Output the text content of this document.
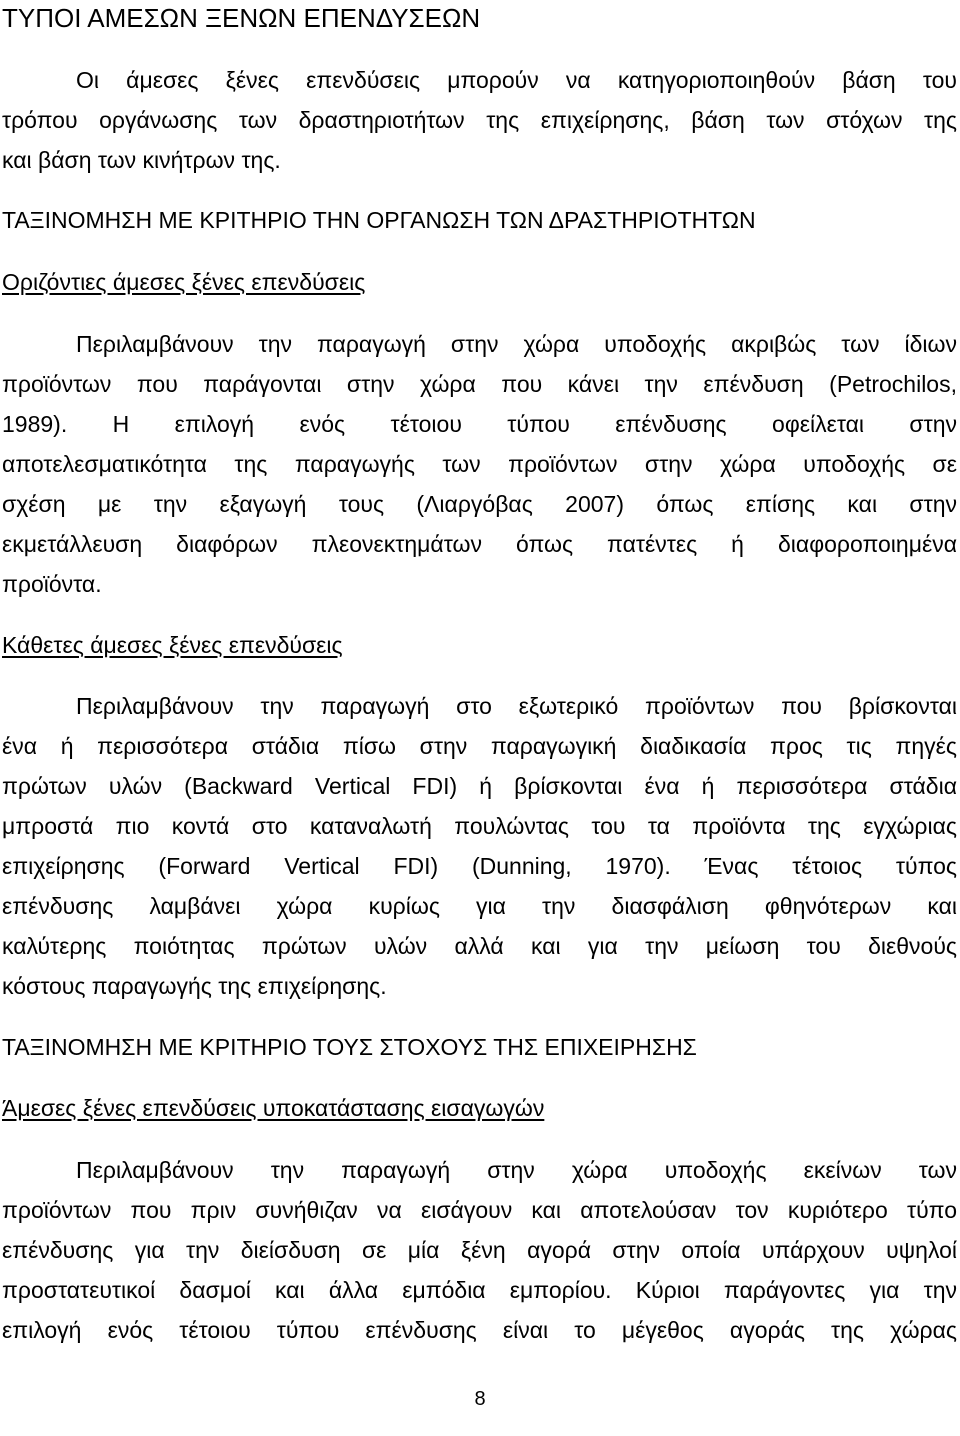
ΤΥΠΟΙ ΑΜΕΣΩΝ ΞΕΝΩΝ ΕΠΕΝΔΥΣΕΩΝ
Οι άμεσες ξένες επενδύσεις μπορούν να κατηγοριοποιηθούν βάση του
τρόπου οργάνωσης των δραστηριοτήτων της επιχείρησης, βάση των στόχων της
και βάση των κινήτρων της.
ΤΑΞΙΝΟΜΗΣΗ ΜΕ ΚΡΙΤΗΡΙΟ ΤΗΝ ΟΡΓΑΝΩΣΗ ΤΩΝ ΔΡΑΣΤΗΡΙΟΤΗΤΩΝ
Οριζόντιες άμεσες ξένες επενδύσεις
Περιλαμβάνουν την παραγωγή στην χώρα υποδοχής ακριβώς των ίδιων
προϊόντων που παράγονται στην χώρα που κάνει την επένδυση (Petrochilos,
1989). Η επιλογή ενός τέτοιου τύπου επένδυσης οφείλεται στην
αποτελεσματικότητα της παραγωγής των προϊόντων στην χώρα υποδοχής σε
σχέση με την εξαγωγή τους (Λιαργόβας 2007) όπως επίσης και στην
εκμετάλλευση διαφόρων πλεονεκτημάτων όπως πατέντες ή διαφοροποιημένα
προϊόντα.
Κάθετες άμεσες ξένες επενδύσεις
Περιλαμβάνουν την παραγωγή στο εξωτερικό προϊόντων που βρίσκονται
ένα ή περισσότερα στάδια πίσω στην παραγωγική διαδικασία προς τις πηγές
πρώτων υλών (Backward Vertical FDI) ή βρίσκονται ένα ή περισσότερα στάδια
μπροστά πιο κοντά στο καταναλωτή πουλώντας του τα προϊόντα της εγχώριας
επιχείρησης (Forward Vertical FDI) (Dunning, 1970). Ένας τέτοιος τύπος
επένδυσης λαμβάνει χώρα κυρίως για την διασφάλιση φθηνότερων και
καλύτερης ποιότητας πρώτων υλών αλλά και για την μείωση του διεθνούς
κόστους παραγωγής της επιχείρησης.
ΤΑΞΙΝΟΜΗΣΗ ΜΕ ΚΡΙΤΗΡΙΟ ΤΟΥΣ ΣΤΟΧΟΥΣ ΤΗΣ ΕΠΙΧΕΙΡΗΣΗΣ
Άμεσες ξένες επενδύσεις υποκατάστασης εισαγωγών
Περιλαμβάνουν την παραγωγή στην χώρα υποδοχής εκείνων των
προϊόντων που πριν συνήθιζαν να εισάγουν και αποτελούσαν τον κυριότερο τύπο
επένδυσης για την διείσδυση σε μία ξένη αγορά στην οποία υπάρχουν υψηλοί
προστατευτικοί δασμοί και άλλα εμπόδια εμπορίου. Κύριοι παράγοντες για την
επιλογή ενός τέτοιου τύπου επένδυσης είναι το μέγεθος αγοράς της χώρας
8
